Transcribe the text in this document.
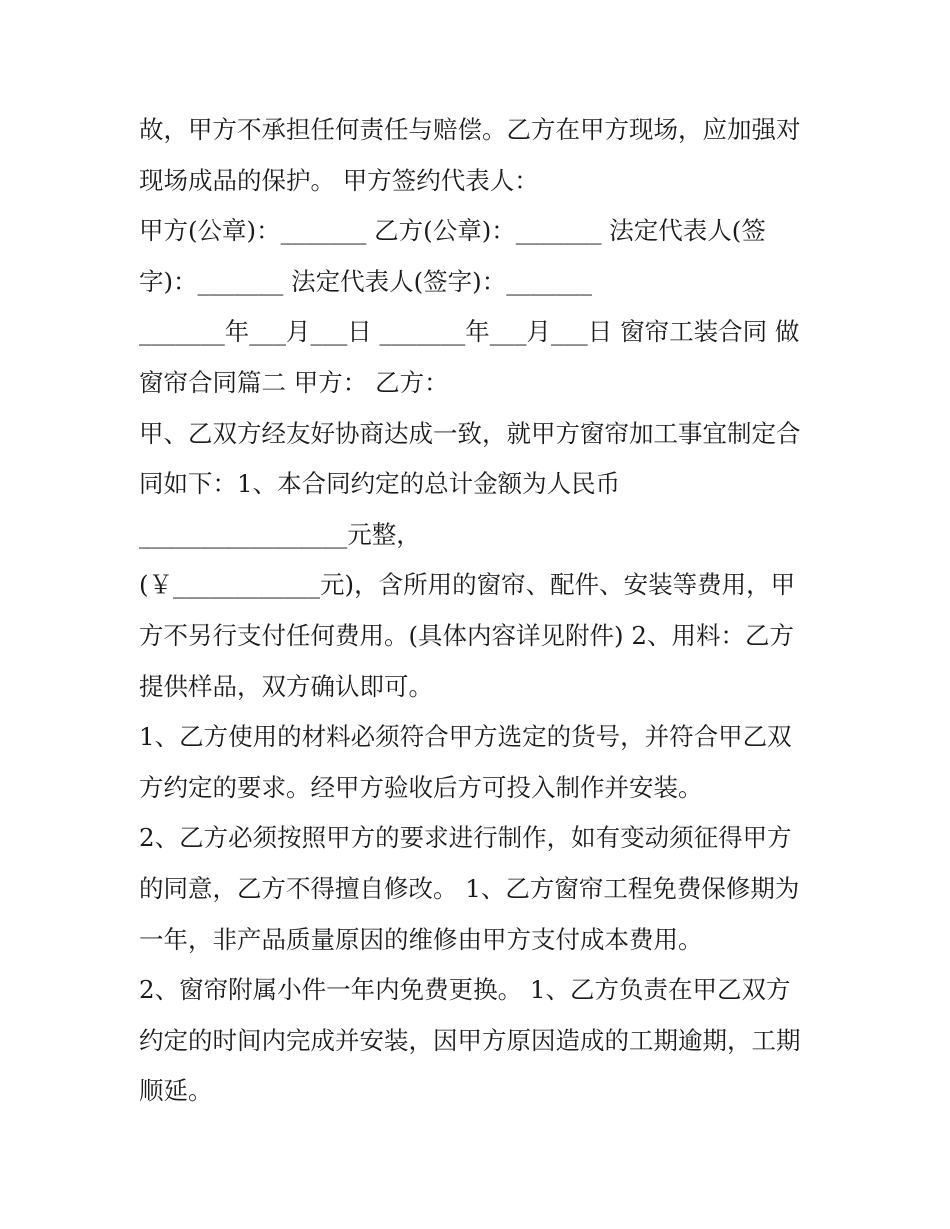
故，甲方不承担任何责任与赔偿。乙方在甲方现场，应加强对
现场成品的保护。 甲方签约代表人：
甲方(公章)：_______ 乙方(公章)：_______ 法定代表人(签
字)：_______ 法定代表人(签字)：_______
_______年___月___日 _______年___月___日 窗帘工装合同 做
窗帘合同篇二 甲方： 乙方：
甲、乙双方经友好协商达成一致，就甲方窗帘加工事宜制定合
同如下：1、本合同约定的总计金额为人民币
_________________元整，
(￥____________元)，含所用的窗帘、配件、安装等费用，甲
方不另行支付任何费用。(具体内容详见附件) 2、用料：乙方
提供样品，双方确认即可。
1、乙方使用的材料必须符合甲方选定的货号，并符合甲乙双
方约定的要求。经甲方验收后方可投入制作并安装。
2、乙方必须按照甲方的要求进行制作，如有变动须征得甲方
的同意，乙方不得擅自修改。 1、乙方窗帘工程免费保修期为
一年，非产品质量原因的维修由甲方支付成本费用。
2、窗帘附属小件一年内免费更换。 1、乙方负责在甲乙双方
约定的时间内完成并安装，因甲方原因造成的工期逾期，工期
顺延。
